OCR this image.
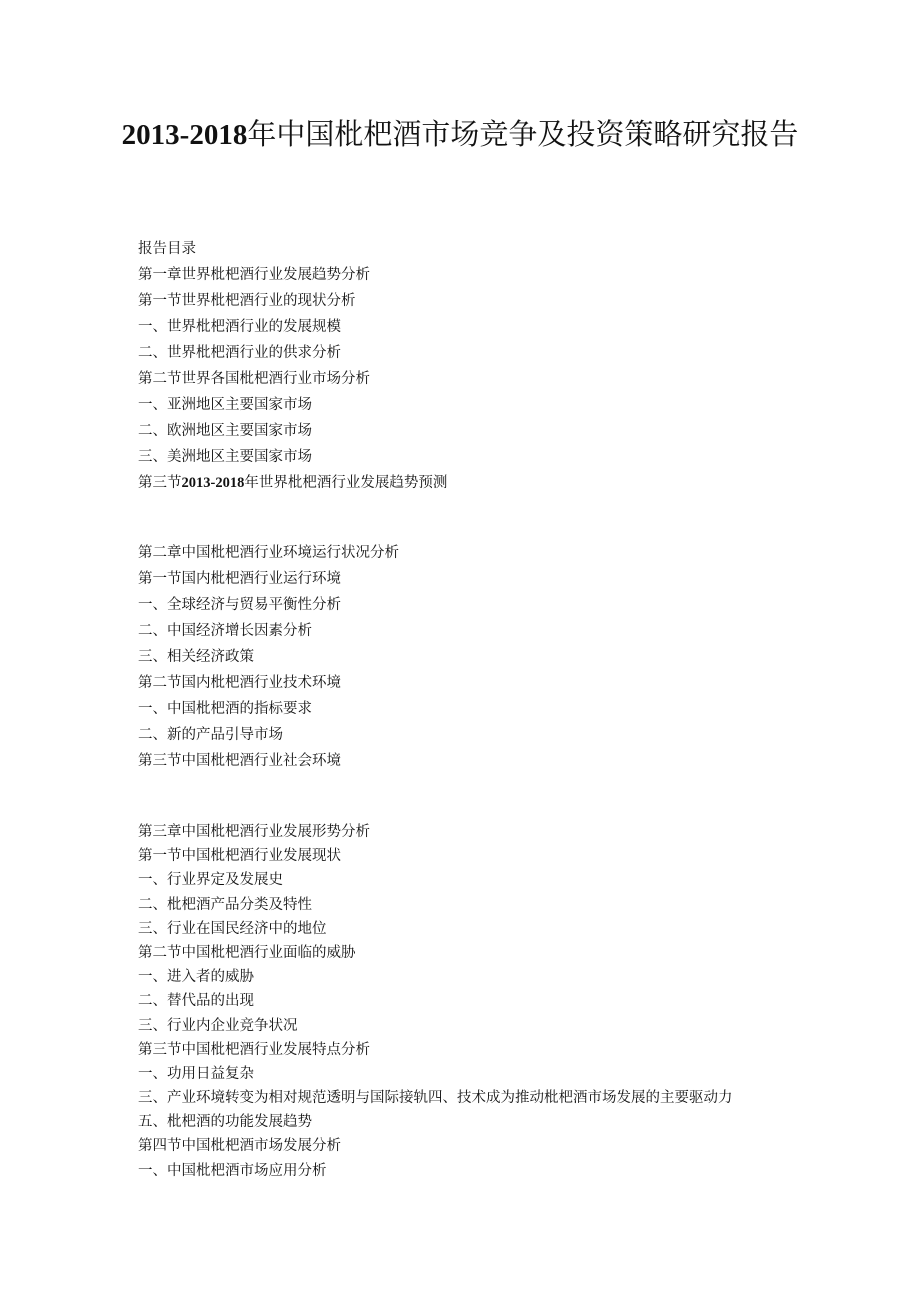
2013-2018年中国枇杷酒市场竞争及投资策略研究报告
报告目录
第一章世界枇杷酒行业发展趋势分析
第一节世界枇杷酒行业的现状分析
一、世界枇杷酒行业的发展规模
二、世界枇杷酒行业的供求分析
第二节世界各国枇杷酒行业市场分析
一、亚洲地区主要国家市场
二、欧洲地区主要国家市场
三、美洲地区主要国家市场
第三节2013-2018年世界枇杷酒行业发展趋势预测
第二章中国枇杷酒行业环境运行状况分析
第一节国内枇杷酒行业运行环境
一、全球经济与贸易平衡性分析
二、中国经济增长因素分析
三、相关经济政策
第二节国内枇杷酒行业技术环境
一、中国枇杷酒的指标要求
二、新的产品引导市场
第三节中国枇杷酒行业社会环境
第三章中国枇杷酒行业发展形势分析
第一节中国枇杷酒行业发展现状
一、行业界定及发展史
二、枇杷酒产品分类及特性
三、行业在国民经济中的地位
第二节中国枇杷酒行业面临的威胁
一、进入者的威胁
二、替代品的出现
三、行业内企业竞争状况
第三节中国枇杷酒行业发展特点分析
一、功用日益复杂
三、产业环境转变为相对规范透明与国际接轨四、技术成为推动枇杷酒市场发展的主要驱动力
五、枇杷酒的功能发展趋势
第四节中国枇杷酒市场发展分析
一、中国枇杷酒市场应用分析
